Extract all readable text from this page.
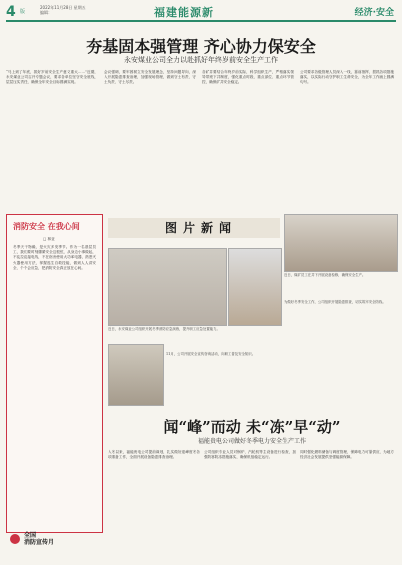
4 版
2022年11月28日 星期五
编辑：	福建能源新	经济·安全
夯基固本强管理 齐心协力保安全
永安煤业公司全力以赴抓好年终岁前安全生产工作
“马上到了年底，抓好岁前安全生产意义重大……”近期，永安煤业公司召开专题会议，要求各单位坚守安全底线，层层压实责任，确保全年安全目标圆满实现。
会议强调，要牢固树立安全发展理念，坚持问题导向，深入开展隐患排查治理，加强现场管理，做到守土有责、守土负责、守土尽责。
各矿井要结合年终岁前实际，科学组织生产，严格落实领导带班下井制度，强化重点时段、重点部位、重点环节管控，确保矿井安全稳定。
公司要求各级管理人员深入一线，靠前指挥，狠抓各项措施落实，以实际行动守护职工生命安全，为全年工作画上圆满句号。
消防安全 在我心间
□ 林亚
冬季天干物燥，是火灾多发季节。作为一名基层员工，我们要时刻绷紧安全这根弦，从身边小事做起，不乱拉乱接电线，不在宿舍使用大功率电器，熟悉灭火器使用方法，掌握逃生自救技能，做到人人讲安全、个个会应急，把消防安全真正放在心间。
图片新闻
近日，永安煤业公司组织开展冬季消防应急演练，提升职工应急处置能力。
近日，煤矿员工在井下开展设备检修，确保安全生产。
为做好冬季安全工作，公司组织开展隐患排查，切实筑牢安全防线。
11月，公司开展安全宣传咨询活动，向职工普及安全知识。
闻“峰”而动 未“冻”早“动”
福能贵电公司做好冬季电力安全生产工作
入冬以来，福能贵电公司提前谋划，扎实做好迎峰度冬各项准备工作，全面开展设备隐患排查治理。
公司组织专业人员对锅炉、汽轮机等主设备进行检查，加强防寒防冻措施落实，确保机组稳定运行。
同时强化燃料储备与调度管理，保障电力可靠供应，为地方经济社会发展提供坚强能源保障。
全国
消防宣传月
